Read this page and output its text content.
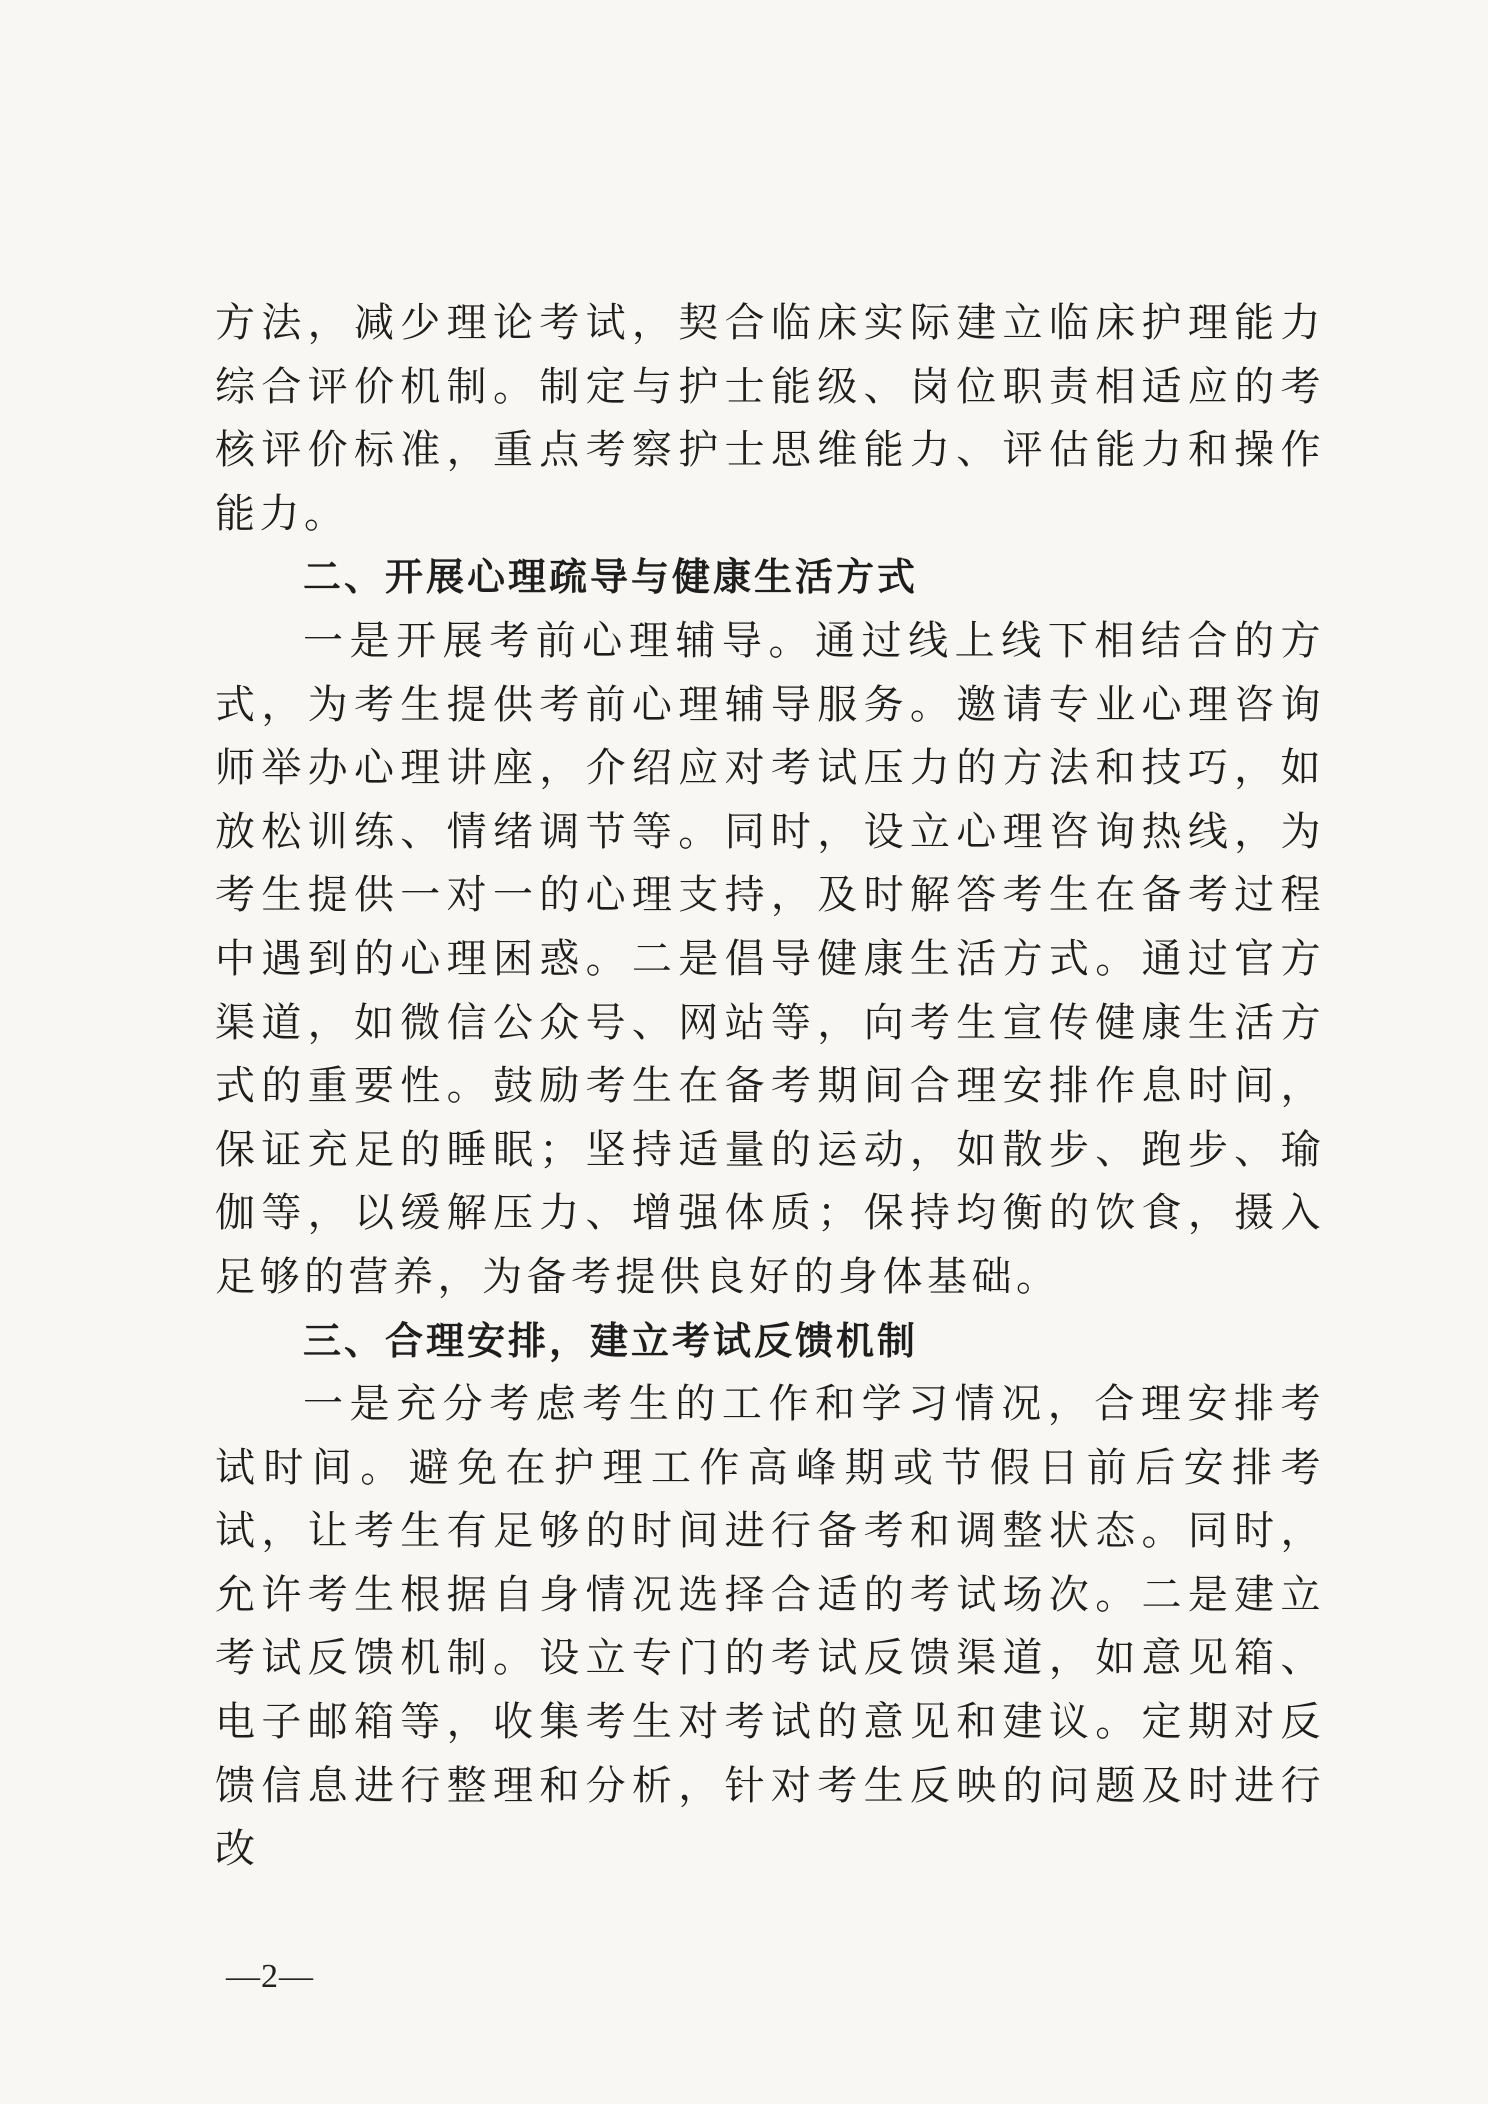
方法，减少理论考试，契合临床实际建立临床护理能力综合评价机制。制定与护士能级、岗位职责相适应的考核评价标准，重点考察护士思维能力、评估能力和操作能力。

二、开展心理疏导与健康生活方式

一是开展考前心理辅导。通过线上线下相结合的方式，为考生提供考前心理辅导服务。邀请专业心理咨询师举办心理讲座，介绍应对考试压力的方法和技巧，如放松训练、情绪调节等。同时，设立心理咨询热线，为考生提供一对一的心理支持，及时解答考生在备考过程中遇到的心理困惑。二是倡导健康生活方式。通过官方渠道，如微信公众号、网站等，向考生宣传健康生活方式的重要性。鼓励考生在备考期间合理安排作息时间，保证充足的睡眠；坚持适量的运动，如散步、跑步、瑜伽等，以缓解压力、增强体质；保持均衡的饮食，摄入足够的营养，为备考提供良好的身体基础。

三、合理安排，建立考试反馈机制

一是充分考虑考生的工作和学习情况，合理安排考试时间。避免在护理工作高峰期或节假日前后安排考试，让考生有足够的时间进行备考和调整状态。同时，允许考生根据自身情况选择合适的考试场次。二是建立考试反馈机制。设立专门的考试反馈渠道，如意见箱、电子邮箱等，收集考生对考试的意见和建议。定期对反馈信息进行整理和分析，针对考生反映的问题及时进行改

—2—
